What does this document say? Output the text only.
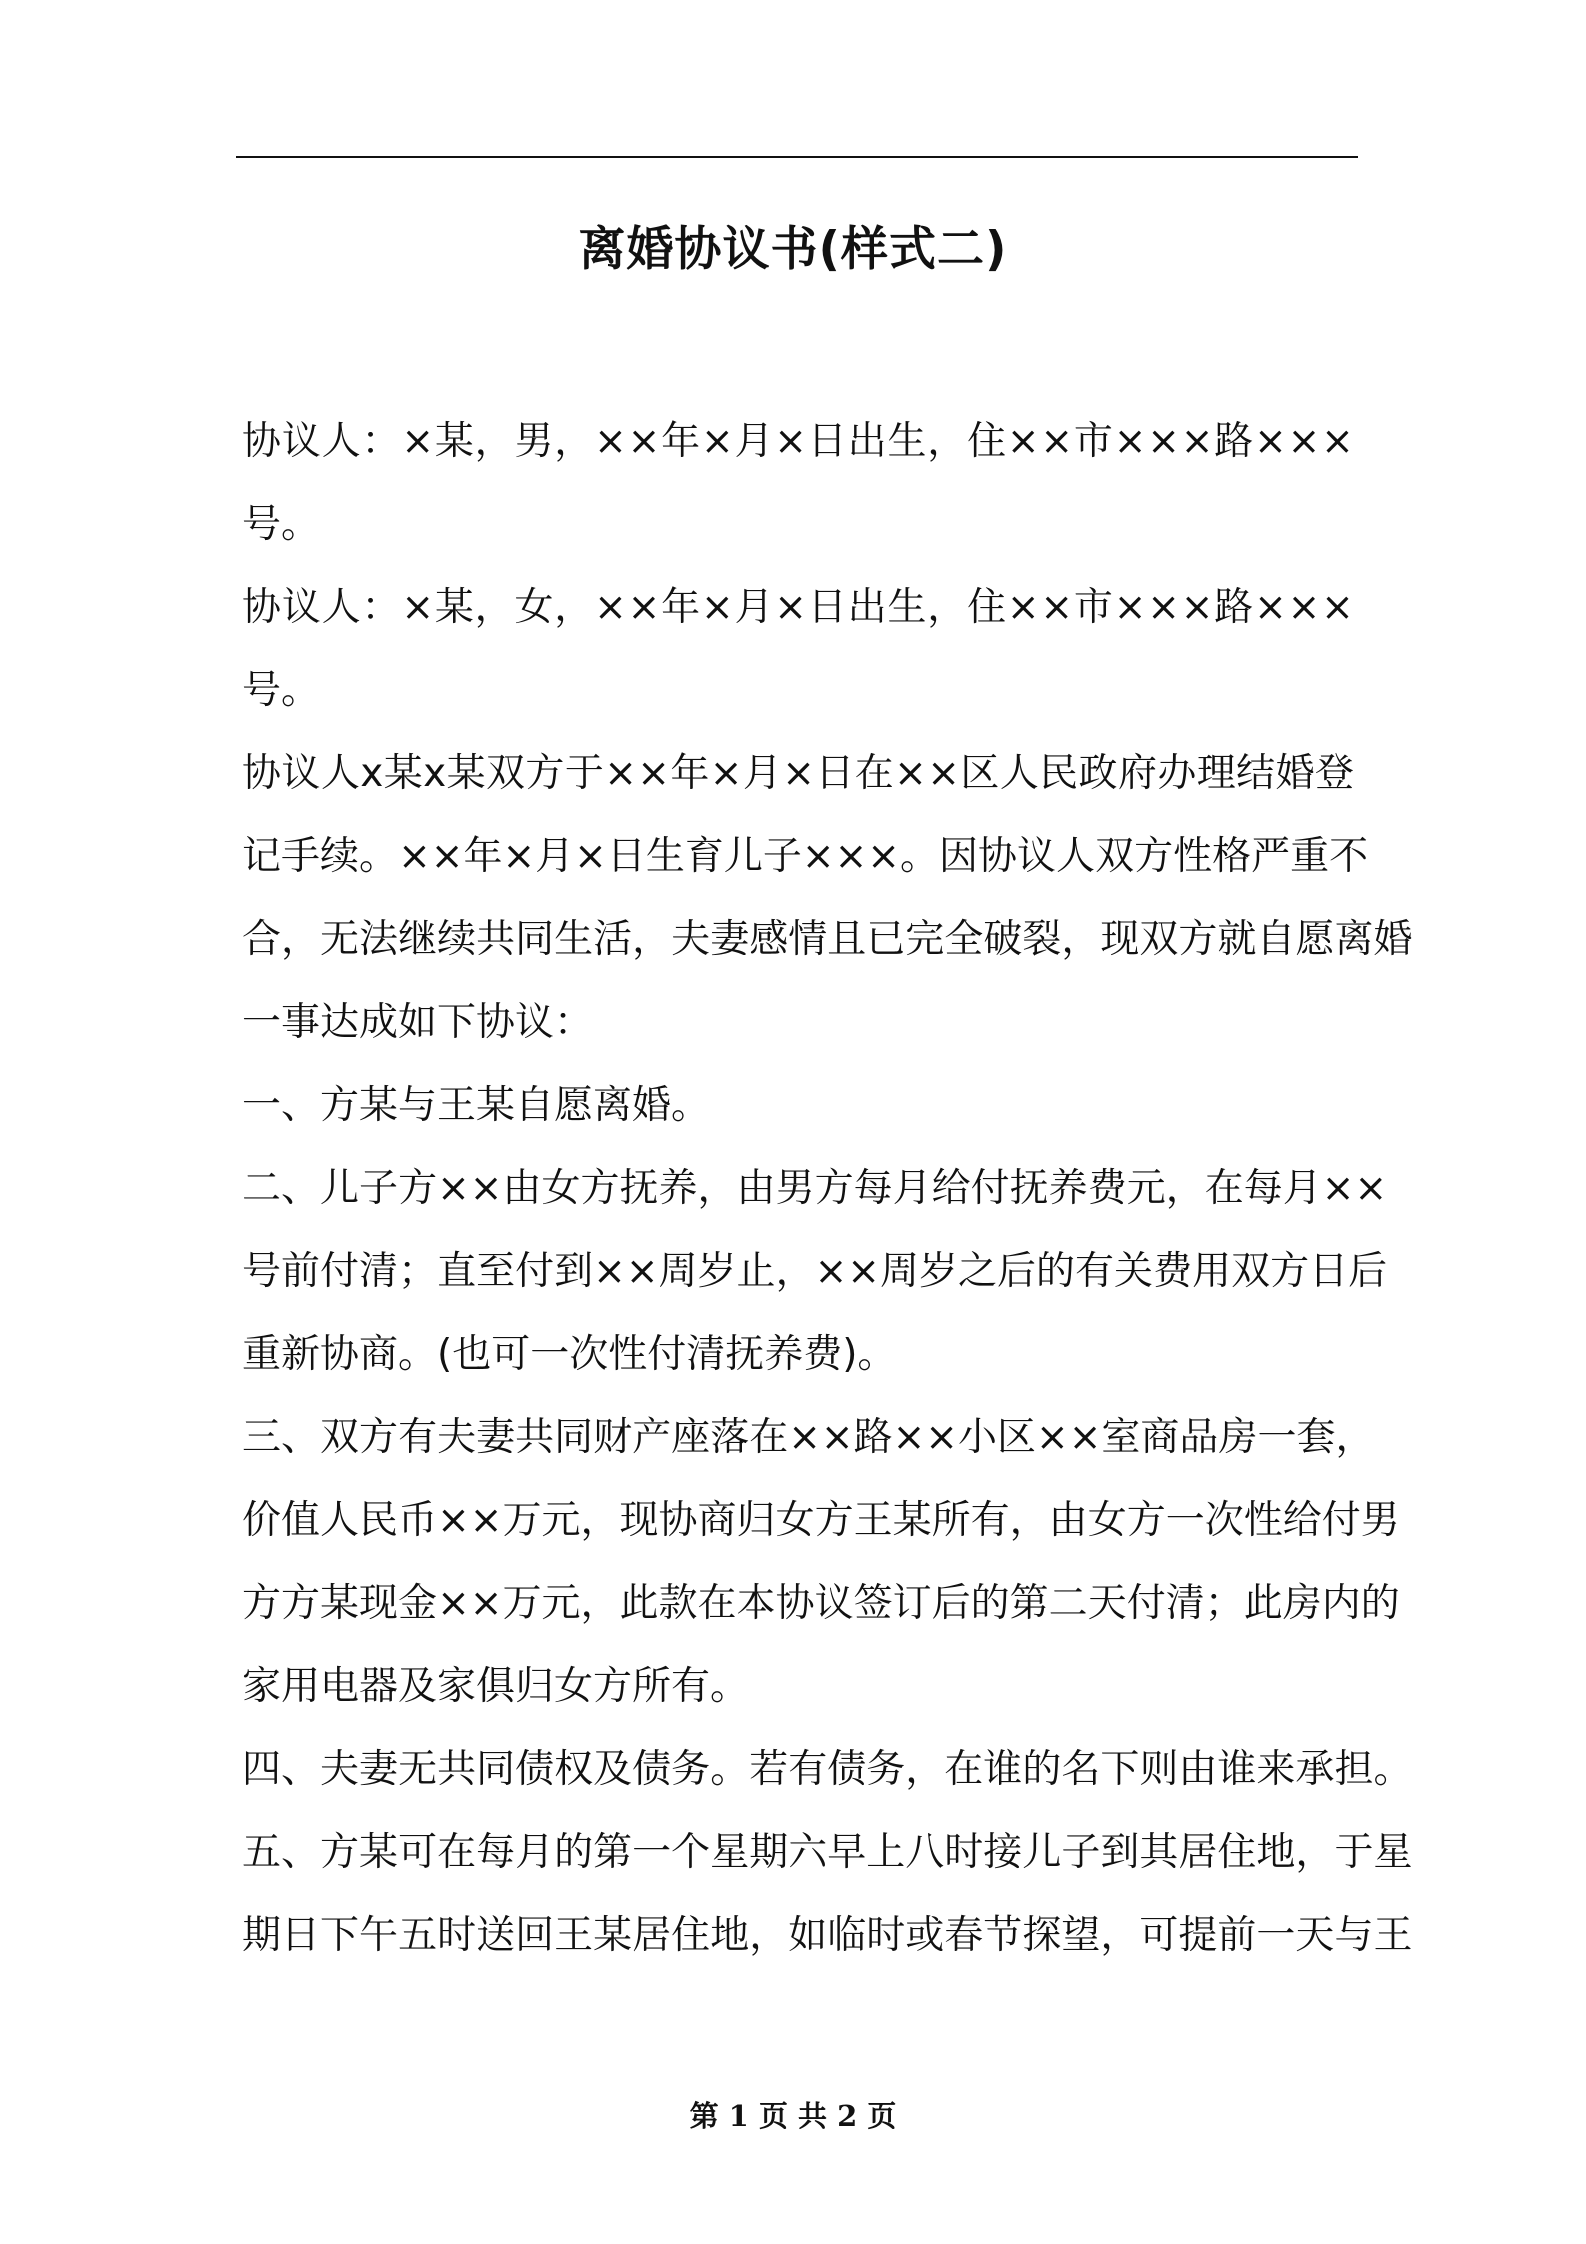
离婚协议书(样式二)
协 议 人 ： × 某 ， 男 ， × × 年 × 月 × 日 出 生 ， 住 × × 市 × × × 路 × × ×
号。
协 议 人 ： × 某 ， 女 ， × × 年 × 月 × 日 出 生 ， 住 × × 市 × × × 路 × × ×
号。
协 议 人 x 某 x 某 双 方 于 × × 年 × 月 × 日 在 × × 区 人 民 政 府 办 理 结 婚 登
记 手 续 。 × × 年 × 月 × 日 生 育 儿 子 × × × 。 因 协 议 人 双 方 性 格 严 重 不
合 ， 无 法 继 续 共 同 生 活 ， 夫 妻 感 情 且 已 完 全 破 裂 ， 现 双 方 就 自 愿 离 婚
一事达成如下协议：
一、方某与王某自愿离婚。
二 、 儿 子 方 × × 由 女 方 抚 养 ， 由 男 方 每 月 给 付 抚 养 费 元 ， 在 每 月 × ×
号 前 付 清 ； 直 至 付 到 × × 周 岁 止 ， × × 周 岁 之 后 的 有 关 费 用 双 方 日 后
重新协商。(也可一次性付清抚养费)。
三 、 双 方 有 夫 妻 共 同 财 产 座 落 在 × × 路 × × 小 区 × × 室 商 品 房 一 套 ，
价 值 人 民 币 × × 万 元 ， 现 协 商 归 女 方 王 某 所 有 ， 由 女 方 一 次 性 给 付 男
方 方 某 现 金 × × 万 元 ， 此 款 在 本 协 议 签 订 后 的 第 二 天 付 清 ； 此 房 内 的
家用电器及家俱归女方所有。
四 、 夫 妻 无 共 同 债 权 及 债 务 。 若 有 债 务 ， 在 谁 的 名 下 则 由 谁 来 承 担 。
五 、 方 某 可 在 每 月 的 第 一 个 星 期 六 早 上 八 时 接 儿 子 到 其 居 住 地 ， 于 星
期 日 下 午 五 时 送 回 王 某 居 住 地 ， 如 临 时 或 春 节 探 望 ， 可 提 前 一 天 与 王
第 1 页 共 2 页
